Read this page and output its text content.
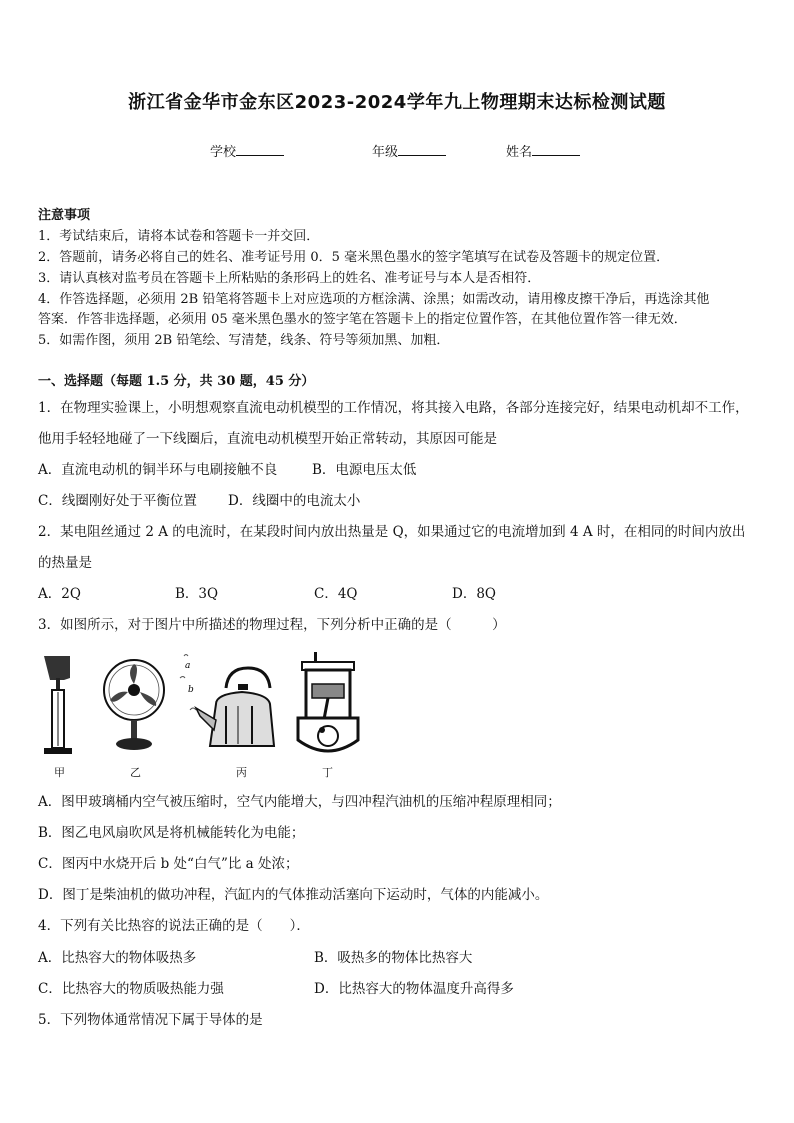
浙江省金华市金东区2023-2024学年九上物理期末达标检测试题
学校	年级	姓名
注意事项
1．考试结束后，请将本试卷和答题卡一并交回．
2．答题前，请务必将自己的姓名、准考证号用 0．5 毫米黑色墨水的签字笔填写在试卷及答题卡的规定位置．
3．请认真核对监考员在答题卡上所粘贴的条形码上的姓名、准考证号与本人是否相符．
4．作答选择题，必须用 2B 铅笔将答题卡上对应选项的方框涂满、涂黑；如需改动，请用橡皮擦干净后，再选涂其他
答案．作答非选择题，必须用 05 毫米黑色墨水的签字笔在答题卡上的指定位置作答，在其他位置作答一律无效．
5．如需作图，须用 2B 铅笔绘、写清楚，线条、符号等须加黑、加粗．
一、选择题（每题 1.5 分，共 30 题，45 分）
1．在物理实验课上，小明想观察直流电动机模型的工作情况，将其接入电路，各部分连接完好，结果电动机却不工作，
他用手轻轻地碰了一下线圈后，直流电动机模型开始正常转动，其原因可能是
A．直流电动机的铜半环与电刷接触不良	B．电源电压太低
C．线圈刚好处于平衡位置 D．线圈中的电流太小
2．某电阻丝通过 2 A 的电流时，在某段时间内放出热量是 Q，如果通过它的电流增加到 4 A 时，在相同的时间内放出
的热量是
A．2Q	B．3Q	C．4Q	D．8Q
3．如图所示，对于图片中所描述的物理过程，下列分析中正确的是（　　　）
a
b
甲	乙	丙	丁
A．图甲玻璃桶内空气被压缩时，空气内能增大，与四冲程汽油机的压缩冲程原理相同；
B．图乙电风扇吹风是将机械能转化为电能；
C．图丙中水烧开后 b 处“白气”比 a 处浓；
D．图丁是柴油机的做功冲程，汽缸内的气体推动活塞向下运动时，气体的内能减小。
4．下列有关比热容的说法正确的是（　　）．
A．比热容大的物体吸热多	B．吸热多的物体比热容大
C．比热容大的物质吸热能力强	D．比热容大的物体温度升高得多
5．下列物体通常情况下属于导体的是
